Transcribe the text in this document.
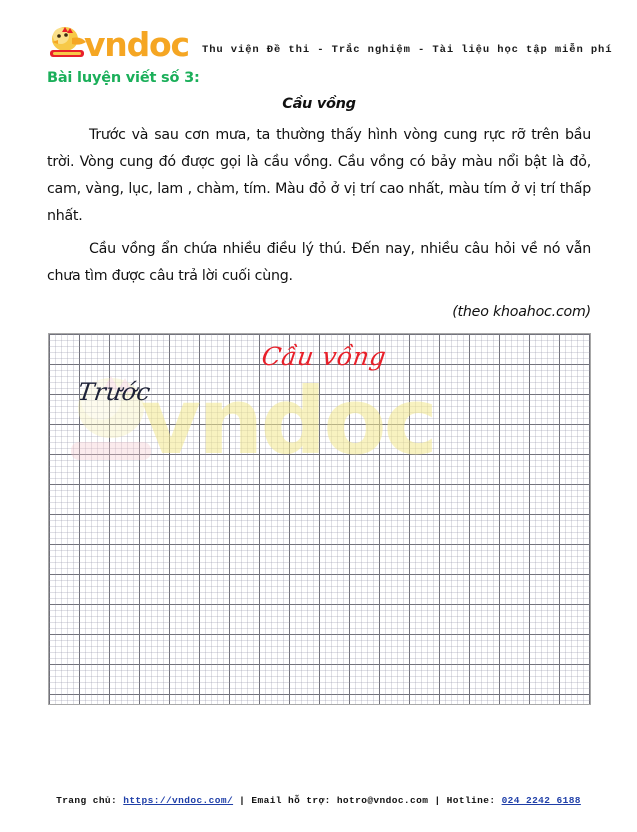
vndoc Thu viện Đề thi - Trắc nghiệm - Tài liệu học tập miễn phí
Bài luyện viết số 3:
Cầu vồng

Trước và sau cơn mưa, ta thường thấy hình vòng cung rực rỡ trên bầu trời. Vòng cung đó được gọi là cầu vồng. Cầu vồng có bảy màu nổi bật là đỏ, cam, vàng, lục, lam , chàm, tím. Màu đỏ ở vị trí cao nhất, màu tím ở vị trí thấp nhất.

Cầu vồng ẩn chứa nhiều điều lý thú. Đến nay, nhiều câu hỏi về nó vẫn chưa tìm được câu trả lời cuối cùng.

(theo khoahoc.com)
vndoc
Cầu vồng
Trước
Trang chủ: https://vndoc.com/ | Email hỗ trợ: hotro@vndoc.com | Hotline: 024 2242 6188
